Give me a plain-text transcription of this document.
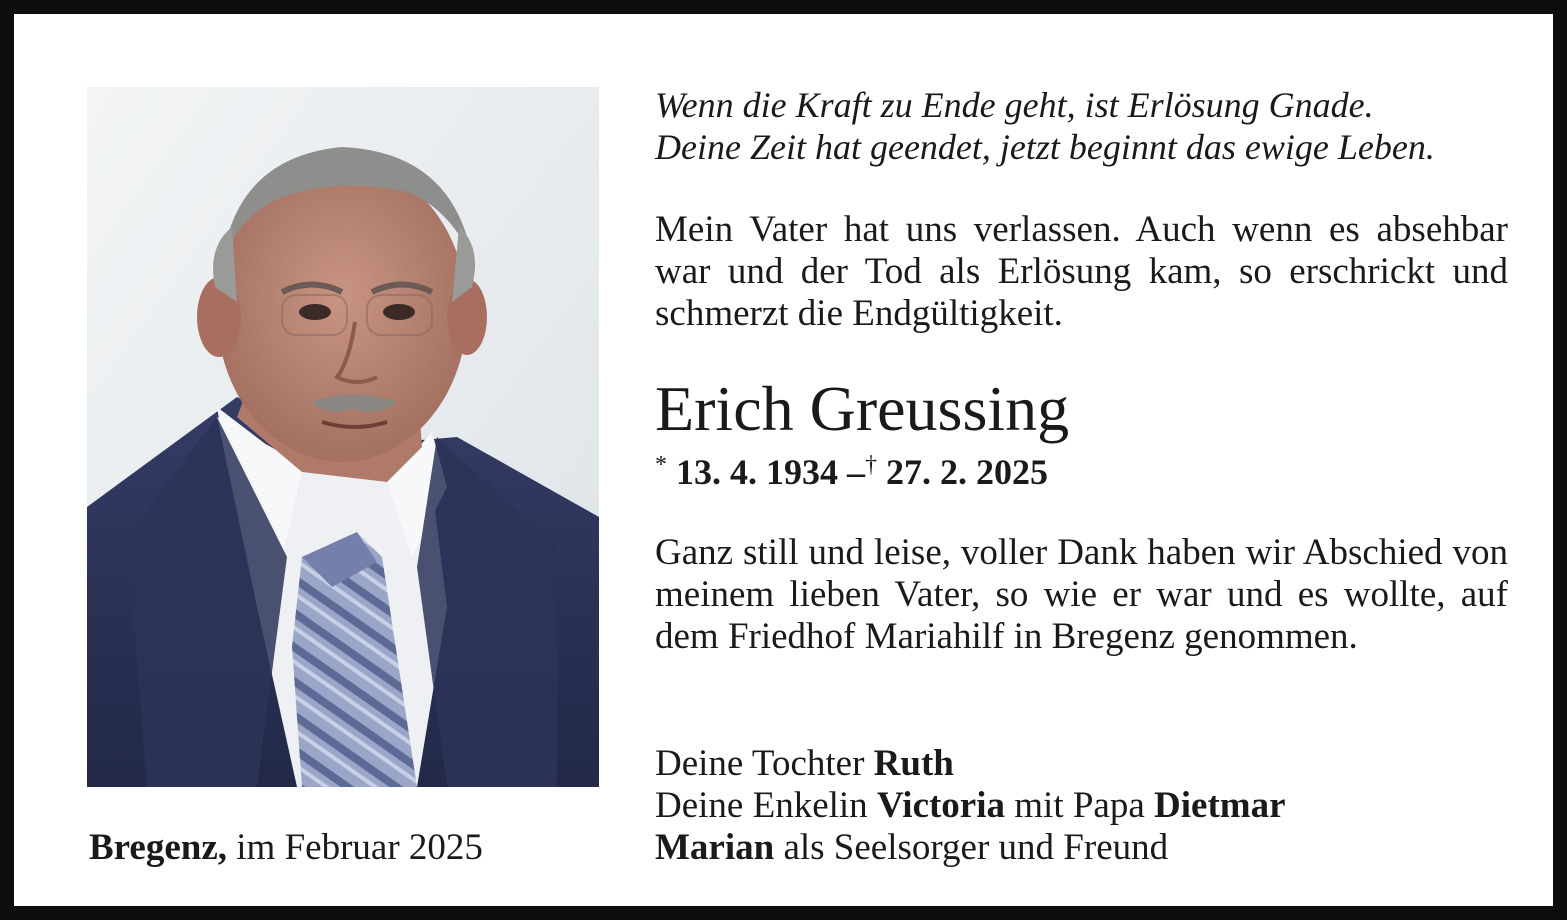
Wenn die Kraft zu Ende geht, ist Erlösung Gnade.
Deine Zeit hat geendet, jetzt beginnt das ewige Leben.
Mein Vater hat uns verlassen. Auch wenn es absehbar war und der Tod als Erlösung kam, so erschrickt und schmerzt die Endgültigkeit.
Erich Greussing
* 13. 4. 1934 –† 27. 2. 2025
Ganz still und leise, voller Dank haben wir Abschied von meinem lieben Vater, so wie er war und es wollte, auf dem Friedhof Mariahilf in Bregenz genommen.
Deine Tochter Ruth
Deine Enkelin Victoria mit Papa Dietmar
Marian als Seelsorger und Freund
Bregenz, im Februar 2025
